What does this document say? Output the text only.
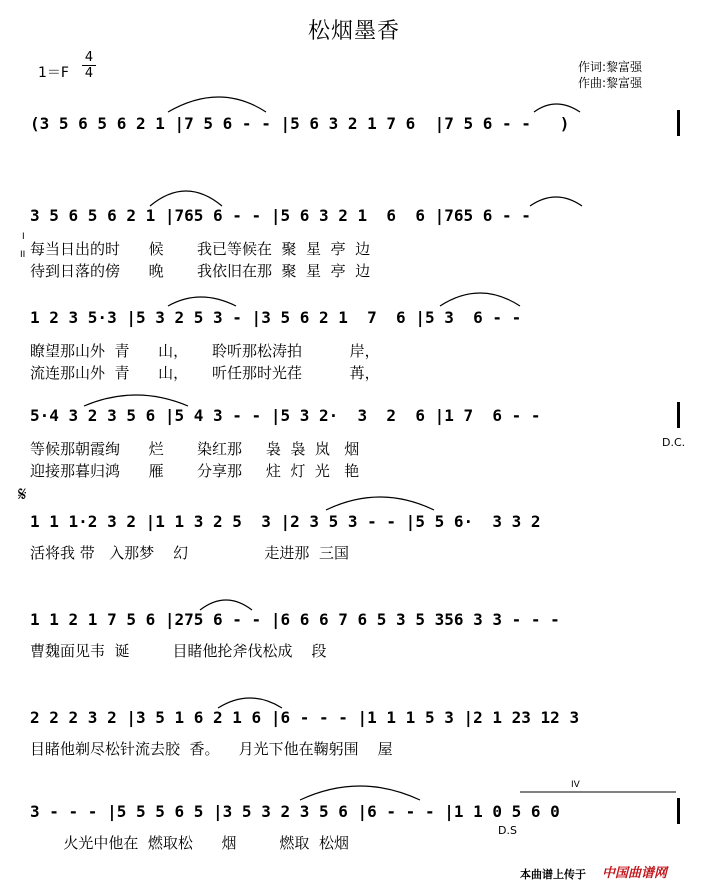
松烟墨香
$1=F \frac{4}{4}$	作词:黎富强
作曲:黎富强
(3 5 6 5 6 2 1 |7 5 6 - - |5 6 3 2 1 7 6  |7 5 6 - -   )
3 5 6 5 6 2 1 |765 6 - - |5 6 3 2 1  6  6 |765 6 - -
每当日出的时      候       我已等候在  聚  星  亭  边
待到日落的傍      晚       我依旧在那  聚  星  亭  边
1 2 3 5·3 |5 3 2 5 3 - |3 5 6 2 1  7  6 |5 3  6 - -
瞭望那山外  青      山，     聆听那松涛拍          岸，
流连那山外  青      山，     听任那时光荏          苒，
5·4 3 2 3 5 6 |5 4 3 - - |5 3 2·  3  2  6 |1 7  6 - -
等候那朝霞绚      烂       染红那     袅  袅  岚   烟
迎接那暮归鸿      雁       分享那     炷  灯  光   艳
1 1 1·2 3 2 |1 1 3 2 5  3 |2 3 5 3 - - |5 5 6·  3 3 2
活将我 带   入那梦    幻                走进那  三国
1 1 2 1 7 5 6 |275 6 - - |6 6 6 7 6 5 3 5 356 3 3 - - -
曹魏面见韦  诞         目睹他抡斧伐松成    段
2 2 2 3 2 |3 5 1 6 2 1 6 |6 - - - |1 1 1 5 3 |2 1 23 12 3
目睹他剃尽松针流去胶  香。    月光下他在鞠躬围    屋
3 - - - |5 5 5 6 5 |3 5 3 2 3 5 6 |6 - - - |1 1 0 5 6 0
火光中他在  燃取松      烟         燃取  松烟
D.C.
D.S
𝄋
I
II
IV
本曲谱上传于 中国曲谱网
